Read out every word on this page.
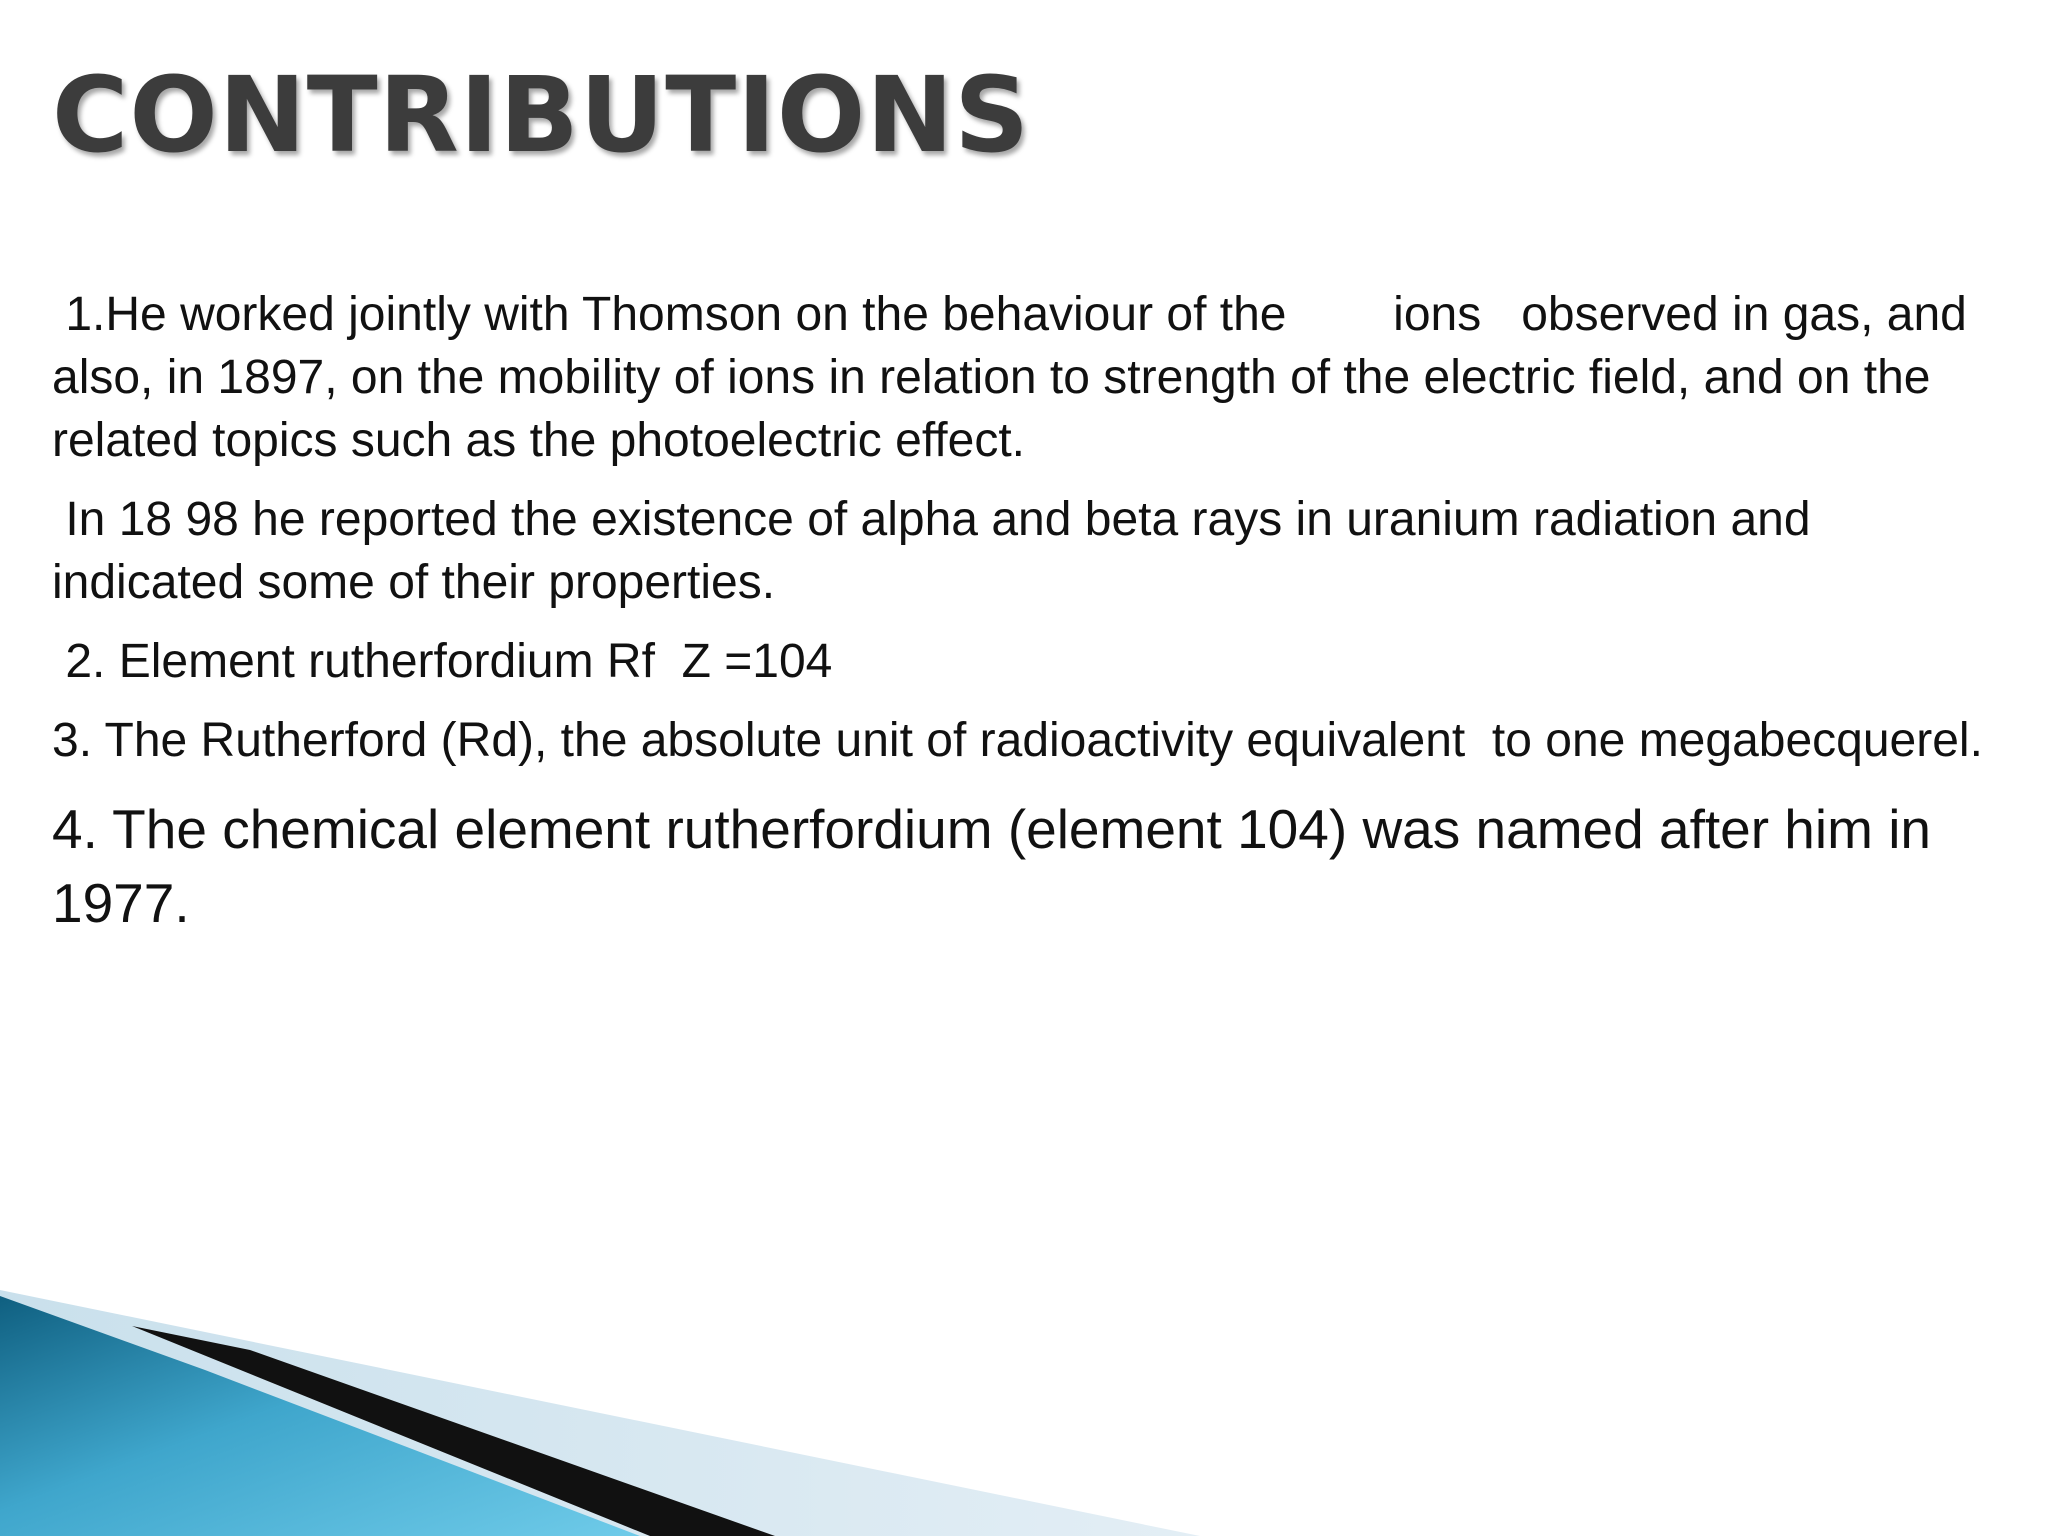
CONTRIBUTIONS

1.He worked jointly with Thomson on the behaviour of the        ions   observed in gas, and also, in 1897, on the mobility of ions in relation to strength of the electric field, and on the related topics such as the photoelectric effect.

In 18 98 he reported the existence of alpha and beta rays in uranium radiation and indicated some of their properties.

2. Element rutherfordium Rf  Z =104

3. The Rutherford (Rd), the absolute unit of radioactivity equivalent  to one megabecquerel.

4. The chemical element rutherfordium (element 104) was named after him in 1977.
